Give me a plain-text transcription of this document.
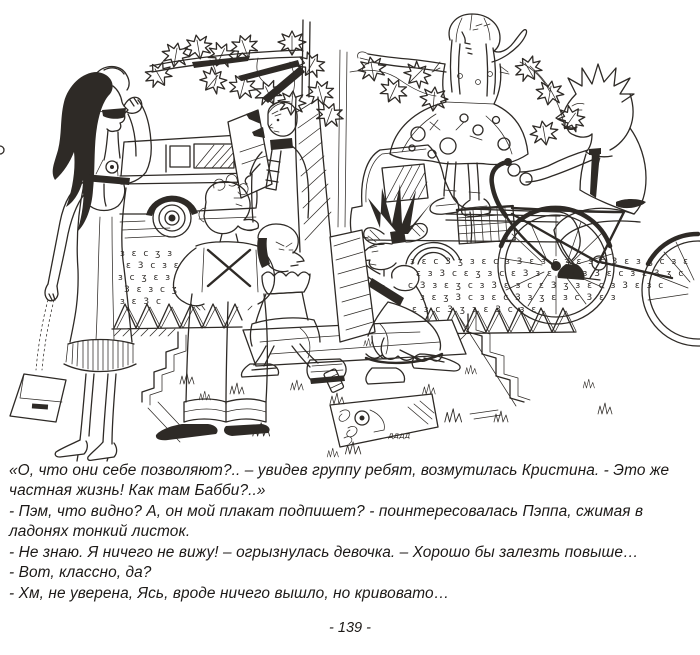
з ε с ʒ з
ε 3 с з ε
з с ʒ ε з
3 ε з с ʒ
з ε 3 с
з ε с 3 ʒ з ε c з 3 ε з с ʒ ε з с 3 ε з ʒ с з ε
ε з 3 с ε ʒ з с ε 3 з ε с ʒ з 3 ε с з ε 3 ʒ с
с 3 з ε ʒ с з 3 ε з с ε 3 ʒ з ε с з 3 ε з с
з ε ʒ 3 с з ε с 3 з ʒ ε з с 3 ε з
ε з с 3 ʒ з ε 3 с з ε
дддд

«О, что они себе позволяют?.. – увидев группу ребят, возмутилась Кристина. - Это же частная жизнь! Как там Бабби?..»

- Пэм, что видно? А, он мой плакат подпишет? - поинтересовалась Пэппа, сжимая в ладонях тонкий листок.

- Не знаю. Я ничего не вижу! – огрызнулась девочка. – Хорошо бы залезть повыше…

- Вот, классно, да?

- Хм, не уверена, Ясь, вроде ничего вышло, но кривовато…

- 139 -
